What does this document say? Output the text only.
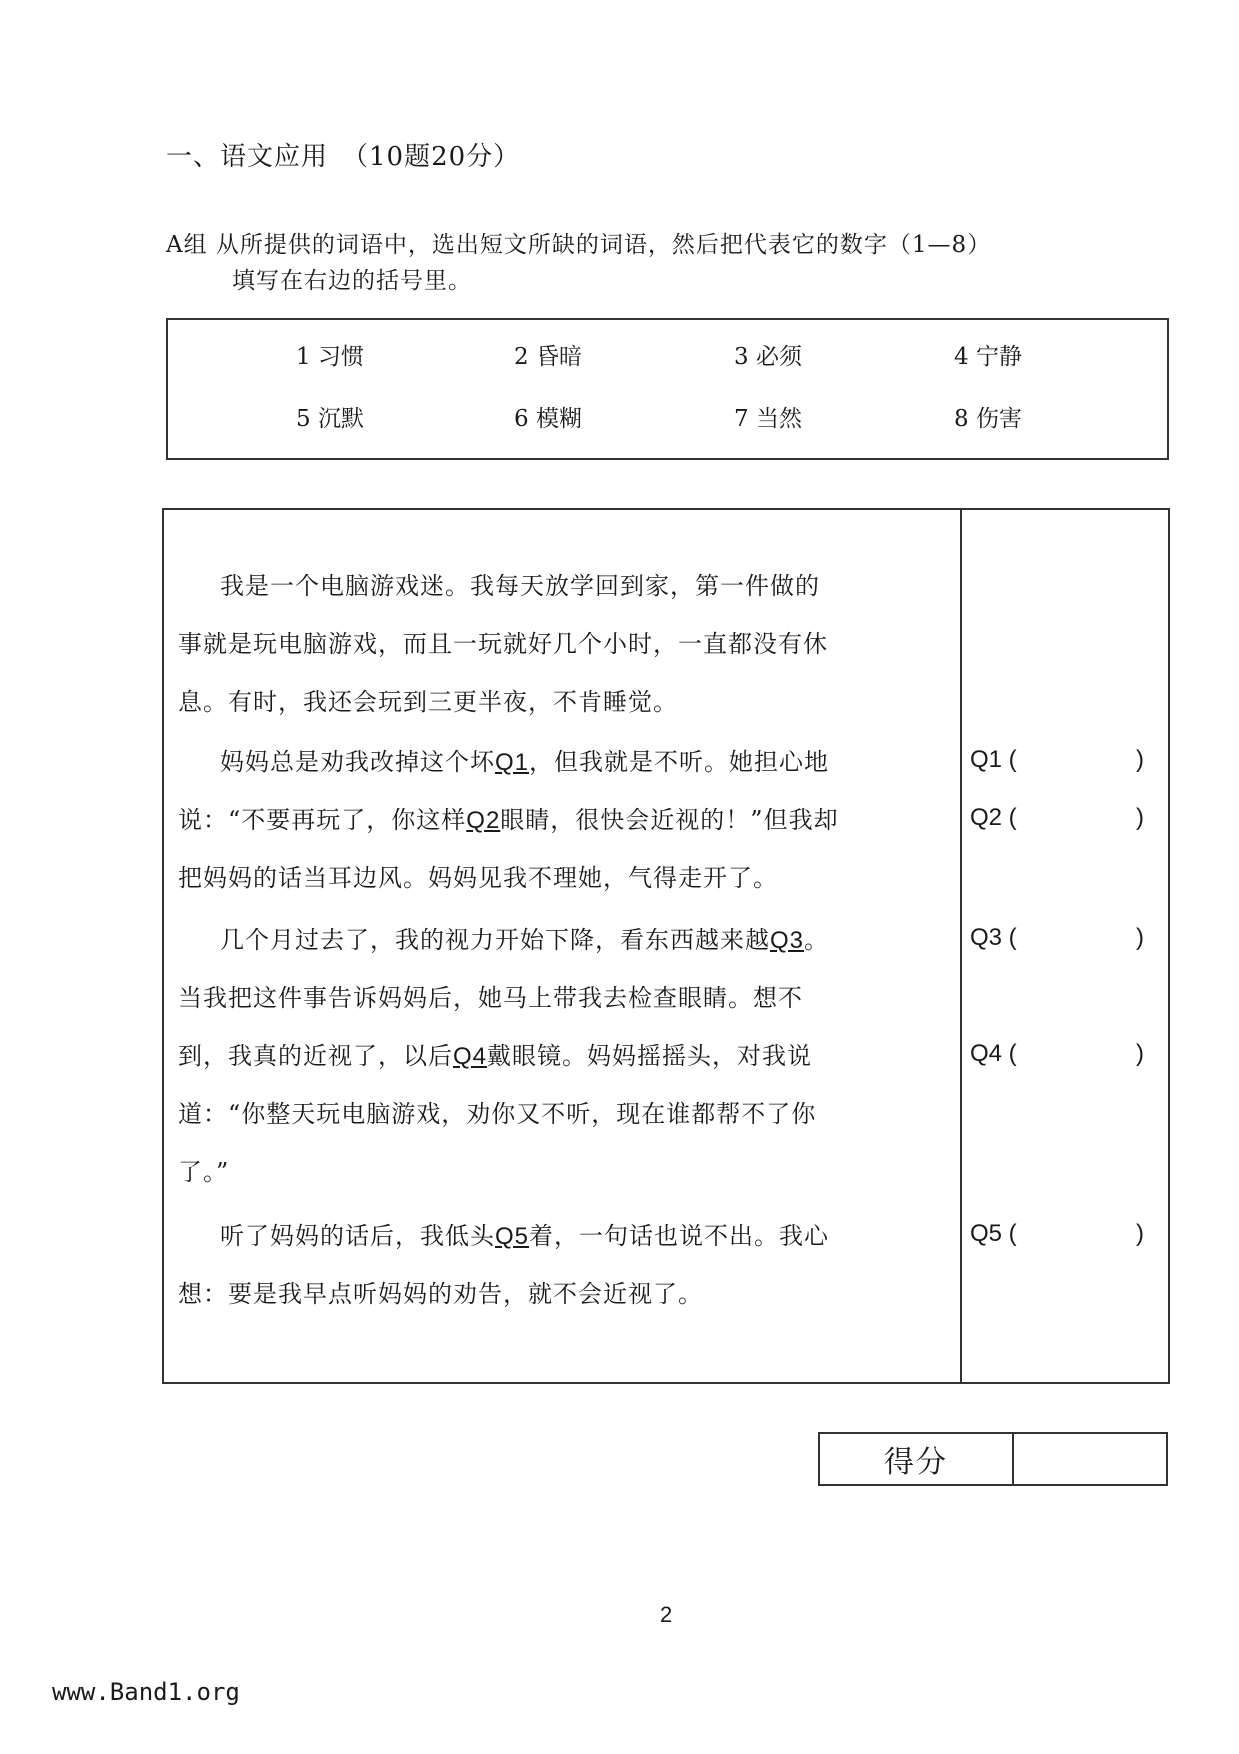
一、语文应用　（10题20分）
A组 从所提供的词语中，选出短文所缺的词语，然后把代表它的数字（1—8）
填写在右边的括号里。
1 习惯	2 昏暗	3 必须	4 宁静
5 沉默	6 模糊	7 当然	8 伤害
我是一个电脑游戏迷。我每天放学回到家，第一件做的
事就是玩电脑游戏，而且一玩就好几个小时，一直都没有休
息。有时，我还会玩到三更半夜，不肯睡觉。
妈妈总是劝我改掉这个坏Q1，但我就是不听。她担心地
说：“不要再玩了，你这样Q2眼睛，很快会近视的！”但我却
把妈妈的话当耳边风。妈妈见我不理她，气得走开了。
几个月过去了，我的视力开始下降，看东西越来越Q3。
当我把这件事告诉妈妈后，她马上带我去检查眼睛。想不
到，我真的近视了，以后Q4戴眼镜。妈妈摇摇头，对我说
道：“你整天玩电脑游戏，劝你又不听，现在谁都帮不了你
了。”
听了妈妈的话后，我低头Q5着，一句话也说不出。我心
想：要是我早点听妈妈的劝告，就不会近视了。
Q1 (	)
Q2 (	)
Q3 (	)
Q4 (	)
Q5 (	)
得分
2
www.Band1.org
